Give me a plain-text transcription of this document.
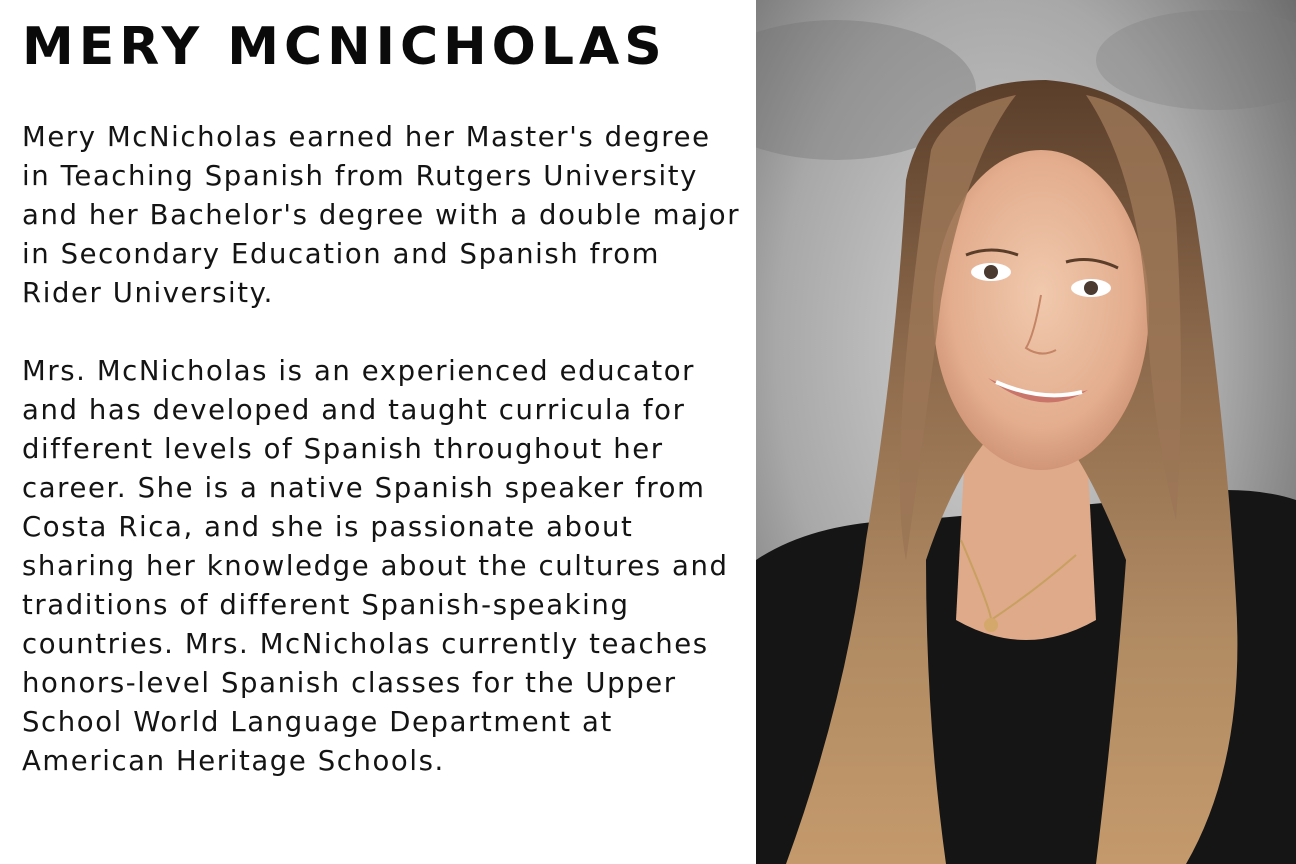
MERY MCNICHOLAS

Mery McNicholas earned her Master's degree in Teaching Spanish from Rutgers University and her Bachelor's degree with a double major in Secondary Education and Spanish from Rider University.

Mrs. McNicholas is an experienced educator and has developed and taught curricula for different levels of Spanish throughout her career. She is a native Spanish speaker from Costa Rica, and she is passionate about sharing her knowledge about the cultures and traditions of different Spanish-speaking countries. Mrs. McNicholas currently teaches honors-level Spanish classes for the Upper School World Language Department at American Heritage Schools.
